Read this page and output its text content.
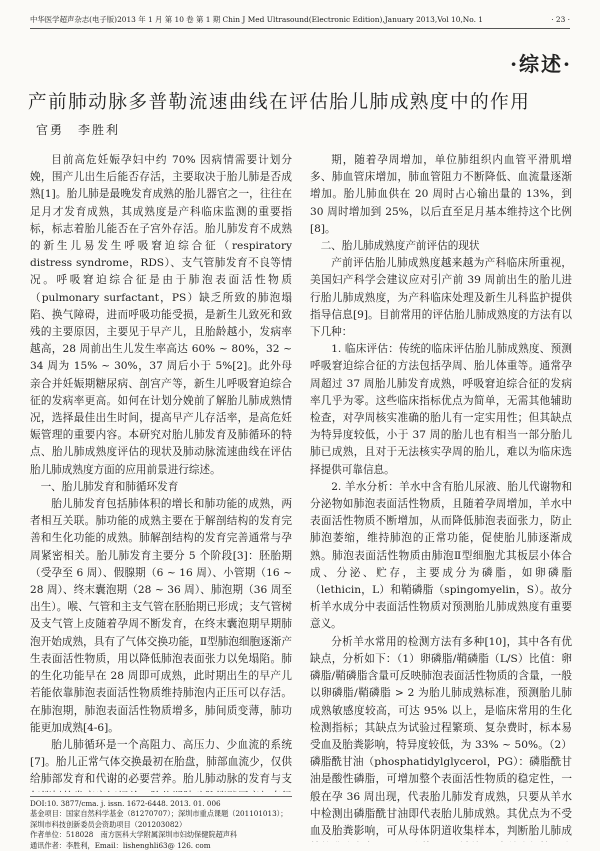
中华医学超声杂志(电子版)2013 年 1 月 第 10 卷 第 1 期 Chin J Med Ultrasound(Electronic Edition),January 2013,Vol 10,No. 1	· 23 ·
·综述·
产前肺动脉多普勒流速曲线在评估胎儿肺成熟度中的作用
官勇　李胜利

目前高危妊娠孕妇中约 70% 因病情需要计划分娩，围产儿出生后能否存活，主要取决于胎儿肺是否成熟[1]。胎儿肺是最晚发育成熟的胎儿器官之一，往往在足月才发育成熟，其成熟度是产科临床监测的重要指标，标志着胎儿能否在子宫外存活。胎儿肺发育不成熟的新生儿易发生呼吸窘迫综合征（respiratory distress syndrome，RDS）、支气管肺发育不良等情况。呼吸窘迫综合征是由于肺泡表面活性物质（pulmonary surfactant，PS）缺乏所致的肺泡塌陷、换气障碍，进而呼吸功能受损，是新生儿致死和致残的主要原因，主要见于早产儿，且胎龄越小，发病率越高，28 周前出生儿发生率高达 60% ~ 80%，32 ~ 34 周为 15% ~ 30%，37 周后小于 5%[2]。此外母亲合并妊娠期糖尿病、剖宫产等，新生儿呼吸窘迫综合征的发病率更高。如何在计划分娩前了解胎儿肺成熟情况，选择最佳出生时间，提高早产儿存活率，是高危妊娠管理的重要内容。本研究对胎儿肺发育及肺循环的特点、胎儿肺成熟度评估的现状及肺动脉流速曲线在评估胎儿肺成熟度方面的应用前景进行综述。

一、胎儿肺发育和肺循环发育

胎儿肺发育包括肺体积的增长和肺功能的成熟，两者相互关联。肺功能的成熟主要在于解剖结构的发育完善和生化功能的成熟。肺解剖结构的发育完善通常与孕周紧密相关。胎儿肺发育主要分 5 个阶段[3]：胚胎期（受孕至 6 周）、假腺期（6 ~ 16 周）、小管期（16 ~ 28 周）、终末囊泡期（28 ~ 36 周）、肺泡期（36 周至出生）。喉、气管和主支气管在胚胎期已形成；支气管树及支气管上皮随着孕周不断发育，在终末囊泡期早期肺泡开始成熟，具有了气体交换功能，Ⅱ型肺泡细胞逐渐产生表面活性物质，用以降低肺泡表面张力以免塌陷。肺的生化功能早在 28 周即可成熟，此时期出生的早产儿若能依靠肺泡表面活性物质维持肺泡内正压可以存活。在肺泡期，肺泡表面活性物质增多，肺间质变薄，肺功能更加成熟[4-6]。

胎儿肺循环是一个高阻力、高压力、少血流的系统[7]。胎儿正常气体交换最初在胎盘，肺部血流少，仅供给肺部发育和代谢的必要营养。胎儿肺动脉的发育与支

期，随着孕周增加，单位肺组织内血管平滑肌增多、肺血管床增加，肺血管阻力不断降低、血流量逐渐增加。胎儿肺血供在 20 周时占心输出量的 13%，到 30 周时增加到 25%，以后直至足月基本维持这个比例[8]。

二、胎儿肺成熟度产前评估的现状

产前评估胎儿肺成熟度越来越为产科临床所重视，美国妇产科学会建议应对引产前 39 周前出生的胎儿进行胎儿肺成熟度，为产科临床处理及新生儿科监护提供指导信息[9]。目前常用的评估胎儿肺成熟度的方法有以下几种：

1. 临床评估：传统的临床评估胎儿肺成熟度、预测呼吸窘迫综合征的方法包括孕周、胎儿体重等。通常孕周超过 37 周胎儿肺发育成熟，呼吸窘迫综合征的发病率几乎为零。这些临床指标优点为简单，无需其他辅助检查，对孕周核实准确的胎儿有一定实用性；但其缺点为特异度较低，小于 37 周的胎儿也有相当一部分胎儿肺已成熟，且对于无法核实孕周的胎儿，难以为临床选择提供可靠信息。

2. 羊水分析：羊水中含有胎儿尿液、胎儿代谢物和分泌物如肺泡表面活性物质，且随着孕周增加，羊水中表面活性物质不断增加，从而降低肺泡表面张力，防止肺泡萎缩，维持肺泡的正常功能，促使胎儿肺逐渐成熟。肺泡表面活性物质由肺泡Ⅱ型细胞尤其板层小体合成、分泌、贮存，主要成分为磷脂，如卵磷脂（lethicin，L）和鞘磷脂（spingomyelin，S）。故分析羊水成分中表面活性物质对预测胎儿肺成熟度有重要意义。

分析羊水常用的检测方法有多种[10]，其中各有优缺点，分析如下：（1）卵磷脂/鞘磷脂（L/S）比值：卵磷脂/鞘磷脂含量可反映肺泡表面活性物质的含量，一般以卵磷脂/鞘磷脂 > 2 为胎儿肺成熟标准，预测胎儿肺成熟敏感度较高，可达 95% 以上，是临床常用的生化检测指标；其缺点为试验过程繁琐、复杂费时，标本易受血及胎粪影响，特异度较低，为 33% ~ 50%。（2）磷脂酰甘油（phosphatidylglycerol，PG）：磷脂酰甘油是酸性磷脂，可增加整个表面活性物质的稳定性，一般在孕 36 周出现，代表胎儿肺发育成熟，只要从羊水中检测出磷脂酰甘油即代表胎儿肺成熟。其优点为不受血及胎粪影响，可从母体阴道收集样本，判断胎儿肺成

DOI:10. 3877/cma. j. issn. 1672-6448. 2013. 01. 006
基金项目：国家自然科学基金（81270707）；深圳市重点课题（201101013）；深圳市科技创新委员会资助项目（201203082）
作者单位：518028　南方医科大学附属深圳市妇幼保健院超声科
通讯作者：李胜利，Email：lishenghli63@ 126. com
